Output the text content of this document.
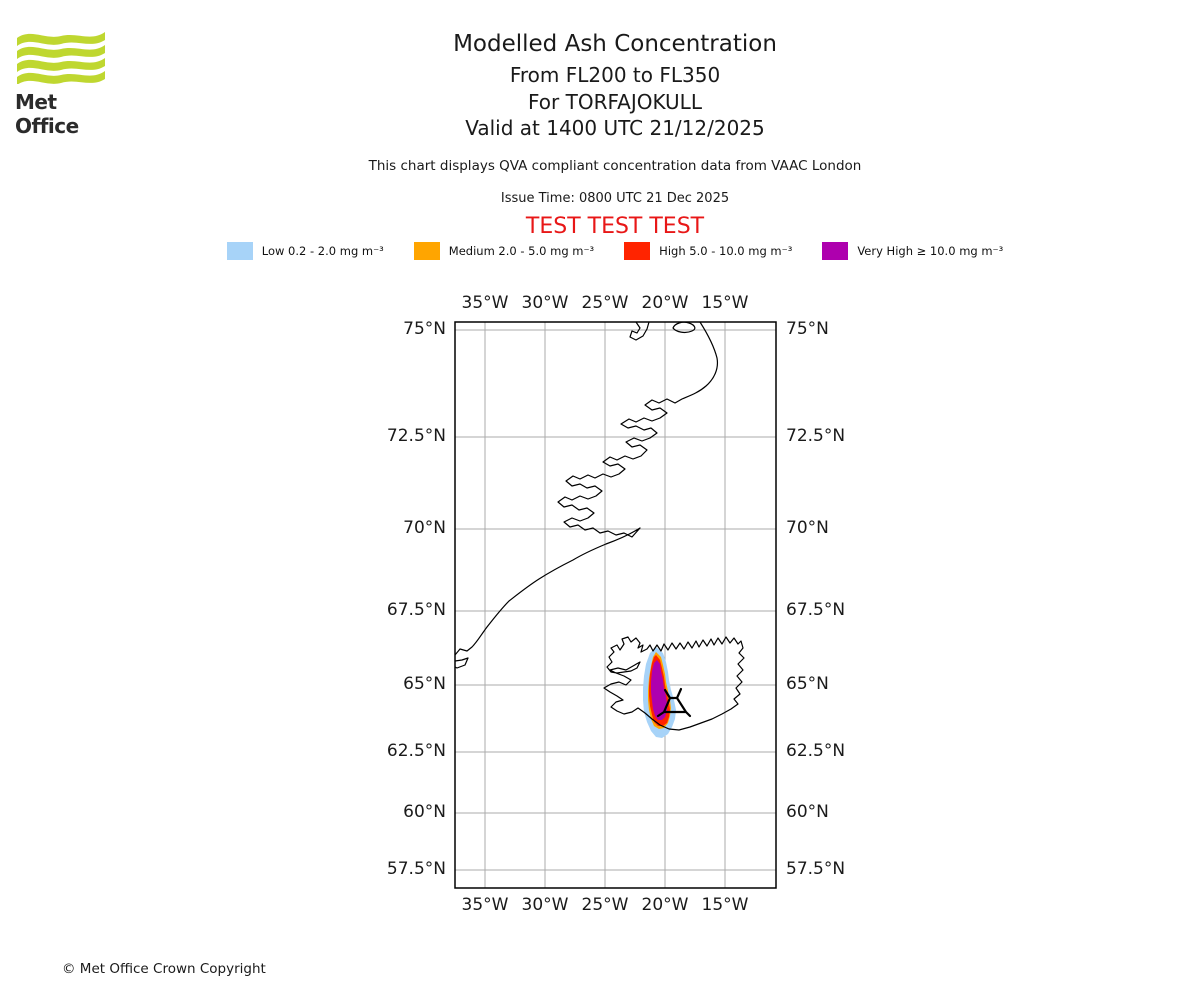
Met Office
Modelled Ash Concentration
From FL200 to FL350
For TORFAJOKULL
Valid at 1400 UTC 21/12/2025
This chart displays QVA compliant concentration data from VAAC London
Issue Time: 0800 UTC 21 Dec 2025
TEST TEST TEST
Low 0.2 - 2.0 mg m⁻³	Medium 2.0 - 5.0 mg m⁻³	High 5.0 - 10.0 mg m⁻³	Very High ≥ 10.0 mg m⁻³
35°W
35°W
30°W
30°W
25°W
25°W
20°W
20°W
15°W
15°W
75°N	75°N
72.5°N	72.5°N
70°N	70°N
67.5°N	67.5°N
65°N	65°N
62.5°N	62.5°N
60°N	60°N
57.5°N	57.5°N
© Met Office Crown Copyright
